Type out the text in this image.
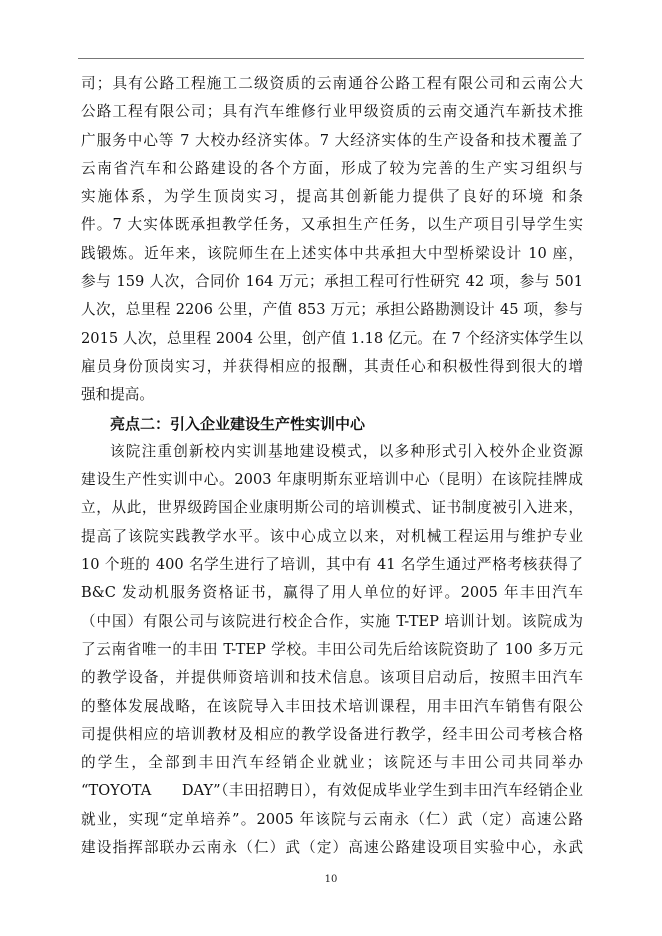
司；具有公路工程施工二级资质的云南通谷公路工程有限公司和云南公大
公路工程有限公司；具有汽车维修行业甲级资质的云南交通汽车新技术推
广服务中心等 7 大校办经济实体。7 大经济实体的生产设备和技术覆盖了
云南省汽车和公路建设的各个方面，形成了较为完善的生产实习组织与
实施体系，为学生顶岗实习，提高其创新能力提供了良好的环境 和条
件。7 大实体既承担教学任务，又承担生产任务，以生产项目引导学生实
践锻炼。近年来，该院师生在上述实体中共承担大中型桥梁设计 10 座，
参与 159 人次，合同价 164 万元；承担工程可行性研究 42 项，参与 501
人次，总里程 2206 公里，产值 853 万元；承担公路勘测设计 45 项，参与
2015 人次，总里程 2004 公里，创产值 1.18 亿元。在 7 个经济实体学生以
雇员身份顶岗实习，并获得相应的报酬，其责任心和积极性得到很大的增
强和提高。
亮点二：引入企业建设生产性实训中心
该院注重创新校内实训基地建设模式，以多种形式引入校外企业资源
建设生产性实训中心。2003 年康明斯东亚培训中心（昆明）在该院挂牌成
立，从此，世界级跨国企业康明斯公司的培训模式、证书制度被引入进来，
提高了该院实践教学水平。该中心成立以来，对机械工程运用与维护专业
10 个班的 400 名学生进行了培训，其中有 41 名学生通过严格考核获得了
B&C 发动机服务资格证书，赢得了用人单位的好评。2005 年丰田汽车
（中国）有限公司与该院进行校企合作，实施 T-TEP 培训计划。该院成为
了云南省唯一的丰田 T-TEP 学校。丰田公司先后给该院资助了 100 多万元
的教学设备，并提供师资培训和技术信息。该项目启动后，按照丰田汽车
的整体发展战略，在该院导入丰田技术培训课程，用丰田汽车销售有限公
司提供相应的培训教材及相应的教学设备进行教学，经丰田公司考核合格
的学生，全部到丰田汽车经销企业就业；该院还与丰田公司共同举办
“TOYOTA　　DAY”（丰田招聘日），有效促成毕业学生到丰田汽车经销企业
就业，实现“定单培养”。2005 年该院与云南永（仁）武（定）高速公路
建设指挥部联办云南永（仁）武（定）高速公路建设项目实验中心，永武
10
